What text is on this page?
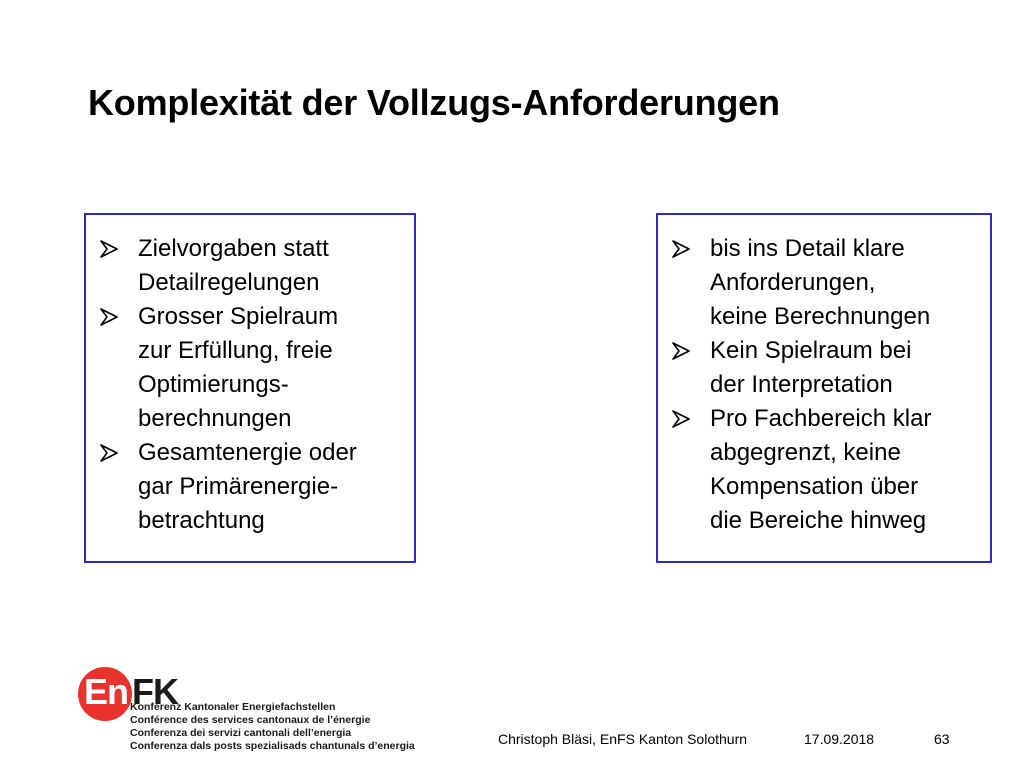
Komplexität der Vollzugs-Anforderungen
Zielvorgaben statt
Detailregelungen
Grosser Spielraum
zur Erfüllung, freie
Optimierungs-
berechnungen
Gesamtenergie oder
gar Primärenergie-
betrachtung
bis ins Detail klare
Anforderungen,
keine Berechnungen
Kein Spielraum bei
der Interpretation
Pro Fachbereich klar
abgegrenzt, keine
Kompensation über
die Bereiche hinweg
En FK
Konferenz Kantonaler Energiefachstellen
Conférence des services cantonaux de l’énergie
Conferenza dei servizi cantonali dell’energia
Conferenza dals posts spezialisads chantunals d’energia	Christoph Bläsi, EnFS Kanton Solothurn	17.09.2018	63
